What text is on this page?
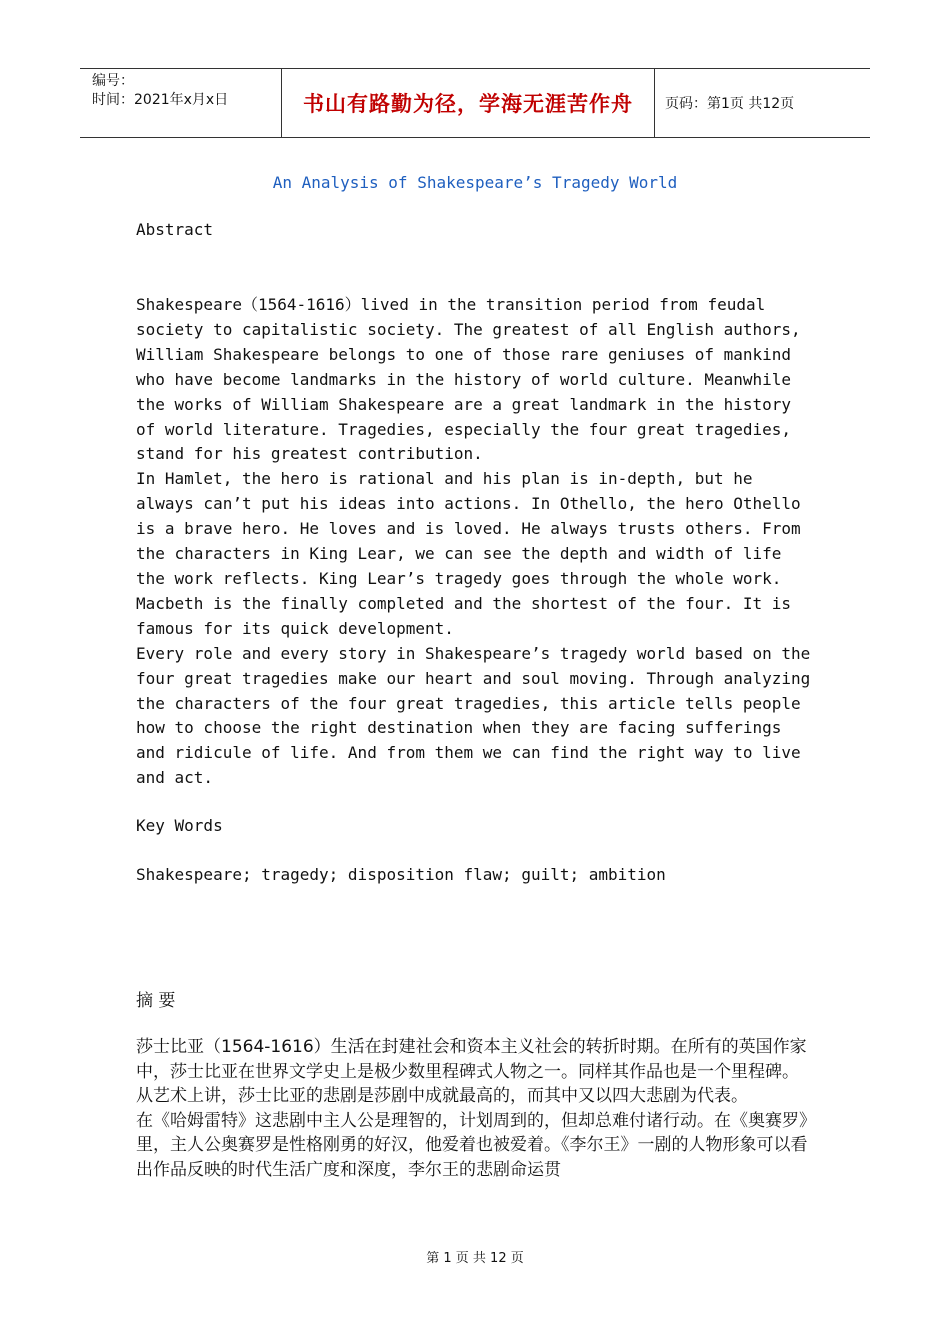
编号：
时间：2021年x月x日	书山有路勤为径，学海无涯苦作舟 页码：第1页 共12页
An Analysis of Shakespeare’s Tragedy World
Abstract

Shakespeare（1564-1616）lived in the transition period from feudal society to capitalistic society. The greatest of all English authors, William Shakespeare belongs to one of those rare geniuses of mankind who have become landmarks in the history of world culture. Meanwhile the works of William Shakespeare are a great landmark in the history of world literature. Tragedies, especially the four great tragedies, stand for his greatest contribution.

In Hamlet, the hero is rational and his plan is in-depth, but he always can’t put his ideas into actions. In Othello, the hero Othello is a brave hero. He loves and is loved. He always trusts others. From the characters in King Lear, we can see the depth and width of life the work reflects. King Lear’s tragedy goes through the whole work. Macbeth is the finally completed and the shortest of the four. It is famous for its quick development.

Every role and every story in Shakespeare’s tragedy world based on the four great tragedies make our heart and soul moving. Through analyzing the characters of the four great tragedies, this article tells people how to choose the right destination when they are facing sufferings and ridicule of life. And from them we can find the right way to live and act.

Key Words
Shakespeare; tragedy; disposition flaw; guilt; ambition
摘 要

莎士比亚（1564-1616）生活在封建社会和资本主义社会的转折时期。在所有的英国作家中，莎士比亚在世界文学史上是极少数里程碑式人物之一。同样其作品也是一个里程碑。从艺术上讲，莎士比亚的悲剧是莎剧中成就最高的，而其中又以四大悲剧为代表。

在《哈姆雷特》这悲剧中主人公是理智的，计划周到的，但却总难付诸行动。在《奥赛罗》里，主人公奥赛罗是性格刚勇的好汉，他爱着也被爱着。《李尔王》一剧的人物形象可以看出作品反映的时代生活广度和深度，李尔王的悲剧命运贯

第 1 页 共 12 页
